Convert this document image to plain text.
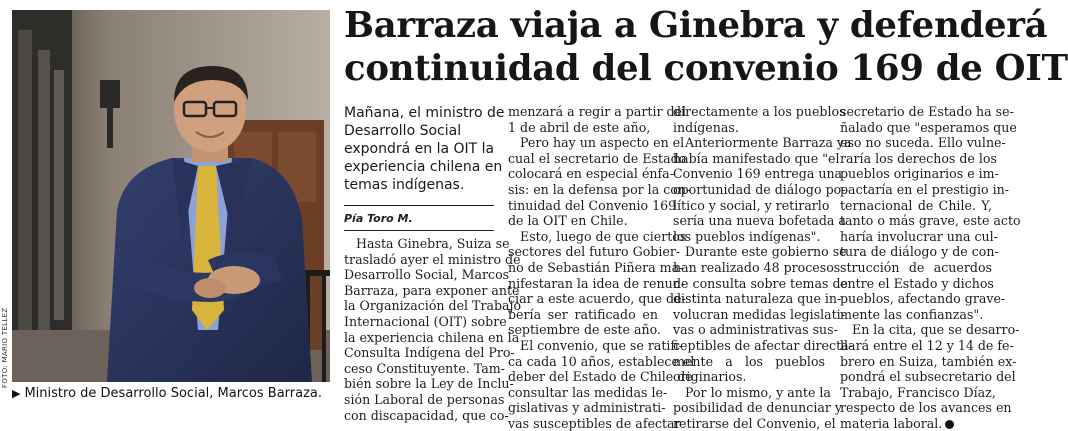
FOTO: MARIO TELLEZ
▶ Ministro de Desarrollo Social, Marcos Barraza.
Barraza viaja a Ginebra y defenderá
continuidad del convenio 169 de OIT
Mañana, el ministro de
Desarrollo Social
expondrá en la OIT la
experiencia chilena en
temas indígenas.
Pía Toro M.
Hasta Ginebra, Suiza se
trasladó ayer el ministro de
Desarrollo Social, Marcos
Barraza, para exponer ante
la Organización del Trabajo
Internacional (OIT) sobre
la experiencia chilena en la
Consulta Indígena del Pro-
ceso Constituyente. Tam-
bién sobre la Ley de Inclu-
sión Laboral de personas
con discapacidad, que co-
menzará a regir a partir del
1 de abril de este año,
Pero hay un aspecto en el
cual el secretario de Estado
colocará en especial énfa-
sis: en la defensa por la con-
tinuidad del Convenio 169
de la OIT en Chile.
Esto, luego de que ciertos
sectores del futuro Gobier-
no de Sebastián Piñera ma-
nifestaran la idea de renun-
ciar a este acuerdo, que de-
bería ser ratificado en
septiembre de este año.
El convenio, que se ratifi-
ca cada 10 años, establece el
deber del Estado de Chile de
consultar las medidas le-
gislativas y administrati-
vas susceptibles de afectar
directamente a los pueblos
indígenas.
Anteriormente Barraza ya
había manifestado que "el
Convenio 169 entrega una
oportunidad de diálogo po-
lítico y social, y retirarlo
sería una nueva bofetada a
los pueblos indígenas".
Durante este gobierno se
han realizado 48 procesos
de consulta sobre temas de
distinta naturaleza que in-
volucran medidas legislati-
vas o administrativas sus-
ceptibles de afectar directa-
mente a los pueblos
originarios.
Por lo mismo, y ante la
posibilidad de denunciar y
retirarse del Convenio, el
secretario de Estado ha se-
ñalado que "esperamos que
eso no suceda. Ello vulne-
raría los derechos de los
pueblos originarios e im-
pactaría en el prestigio in-
ternacional de Chile. Y,
tanto o más grave, este acto
haría involucrar una cul-
tura de diálogo y de con-
strucción de acuerdos
entre el Estado y dichos
pueblos, afectando grave-
mente las confianzas".
En la cita, que se desarro-
llará entre el 12 y 14 de fe-
brero en Suiza, también ex-
pondrá el subsecretario del
Trabajo, Francisco Díaz,
respecto de los avances en
materia laboral.
